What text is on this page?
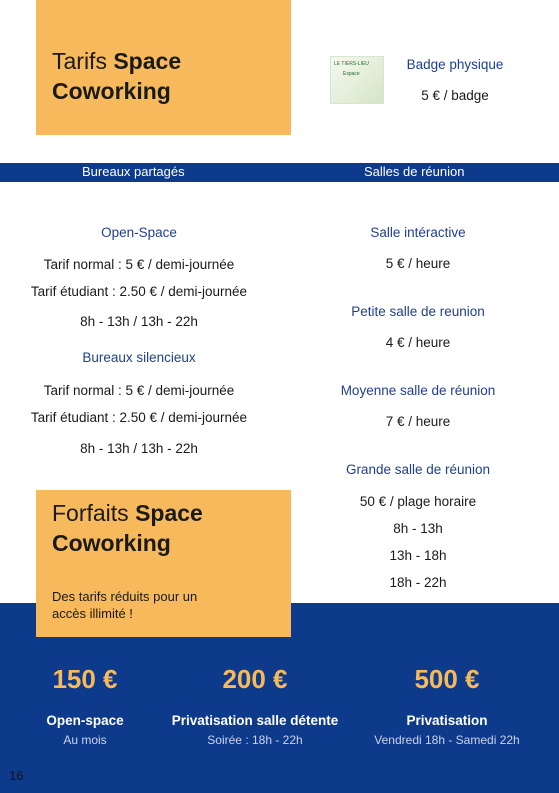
Tarifs Space
Coworking
LE TIERS-LIEU
Espace
Badge physique
5 € / badge
Bureaux partagés	Salles de réunion
Open-Space
Tarif normal : 5 € / demi-journée
Tarif étudiant : 2.50 € / demi-journée
8h - 13h / 13h - 22h
Bureaux silencieux
Tarif normal : 5 € / demi-journée
Tarif étudiant : 2.50 € / demi-journée
8h - 13h / 13h - 22h
Salle intéractive
5 € / heure
Petite salle de reunion
4 € / heure
Moyenne salle de réunion
7 € / heure
Grande salle de réunion
50 € / plage horaire
8h - 13h
13h - 18h
18h - 22h
Forfaits Space
Coworking
Des tarifs réduits pour un
accès illimité !
150 €
Open-space
Au mois
200 €
Privatisation salle détente
Soirée : 18h - 22h
500 €
Privatisation
Vendredi 18h - Samedi 22h
16
